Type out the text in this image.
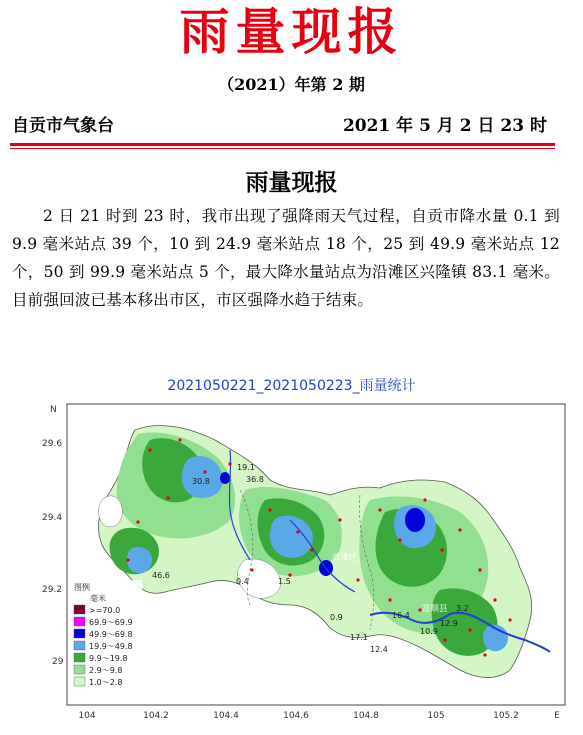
雨量现报
（2021）年第 2 期
自贡市气象台	2021 年 5 月 2 日 23 时
雨量现报
2 日 21 时到 23 时，我市出现了强降雨天气过程，自贡市降水量 0.1 到 9.9 毫米站点 39 个，10 到 24.9 毫米站点 18 个，25 到 49.9 毫米站点 12 个，50 到 99.9 毫米站点 5 个，最大降水量站点为沿滩区兴隆镇 83.1 毫米。目前强回波已基本移出市区，市区强降水趋于结束。
2021050221_2021050223_雨量统计
N
29.6
29.4
29.2
29
104	104.2	104.4	104.6	104.8	105	105.2	E
30.8
19.1
36.8
46.6
3.2
12.9
10.9
17.1
12.4
0.4	1.5
0.9	16.4
富顺县
沿滩区
图例
毫米
>=70.0
69.9～69.9
49.9～69.8
19.9～49.8
9.9～19.8
2.9～9.8
1.0～2.8
